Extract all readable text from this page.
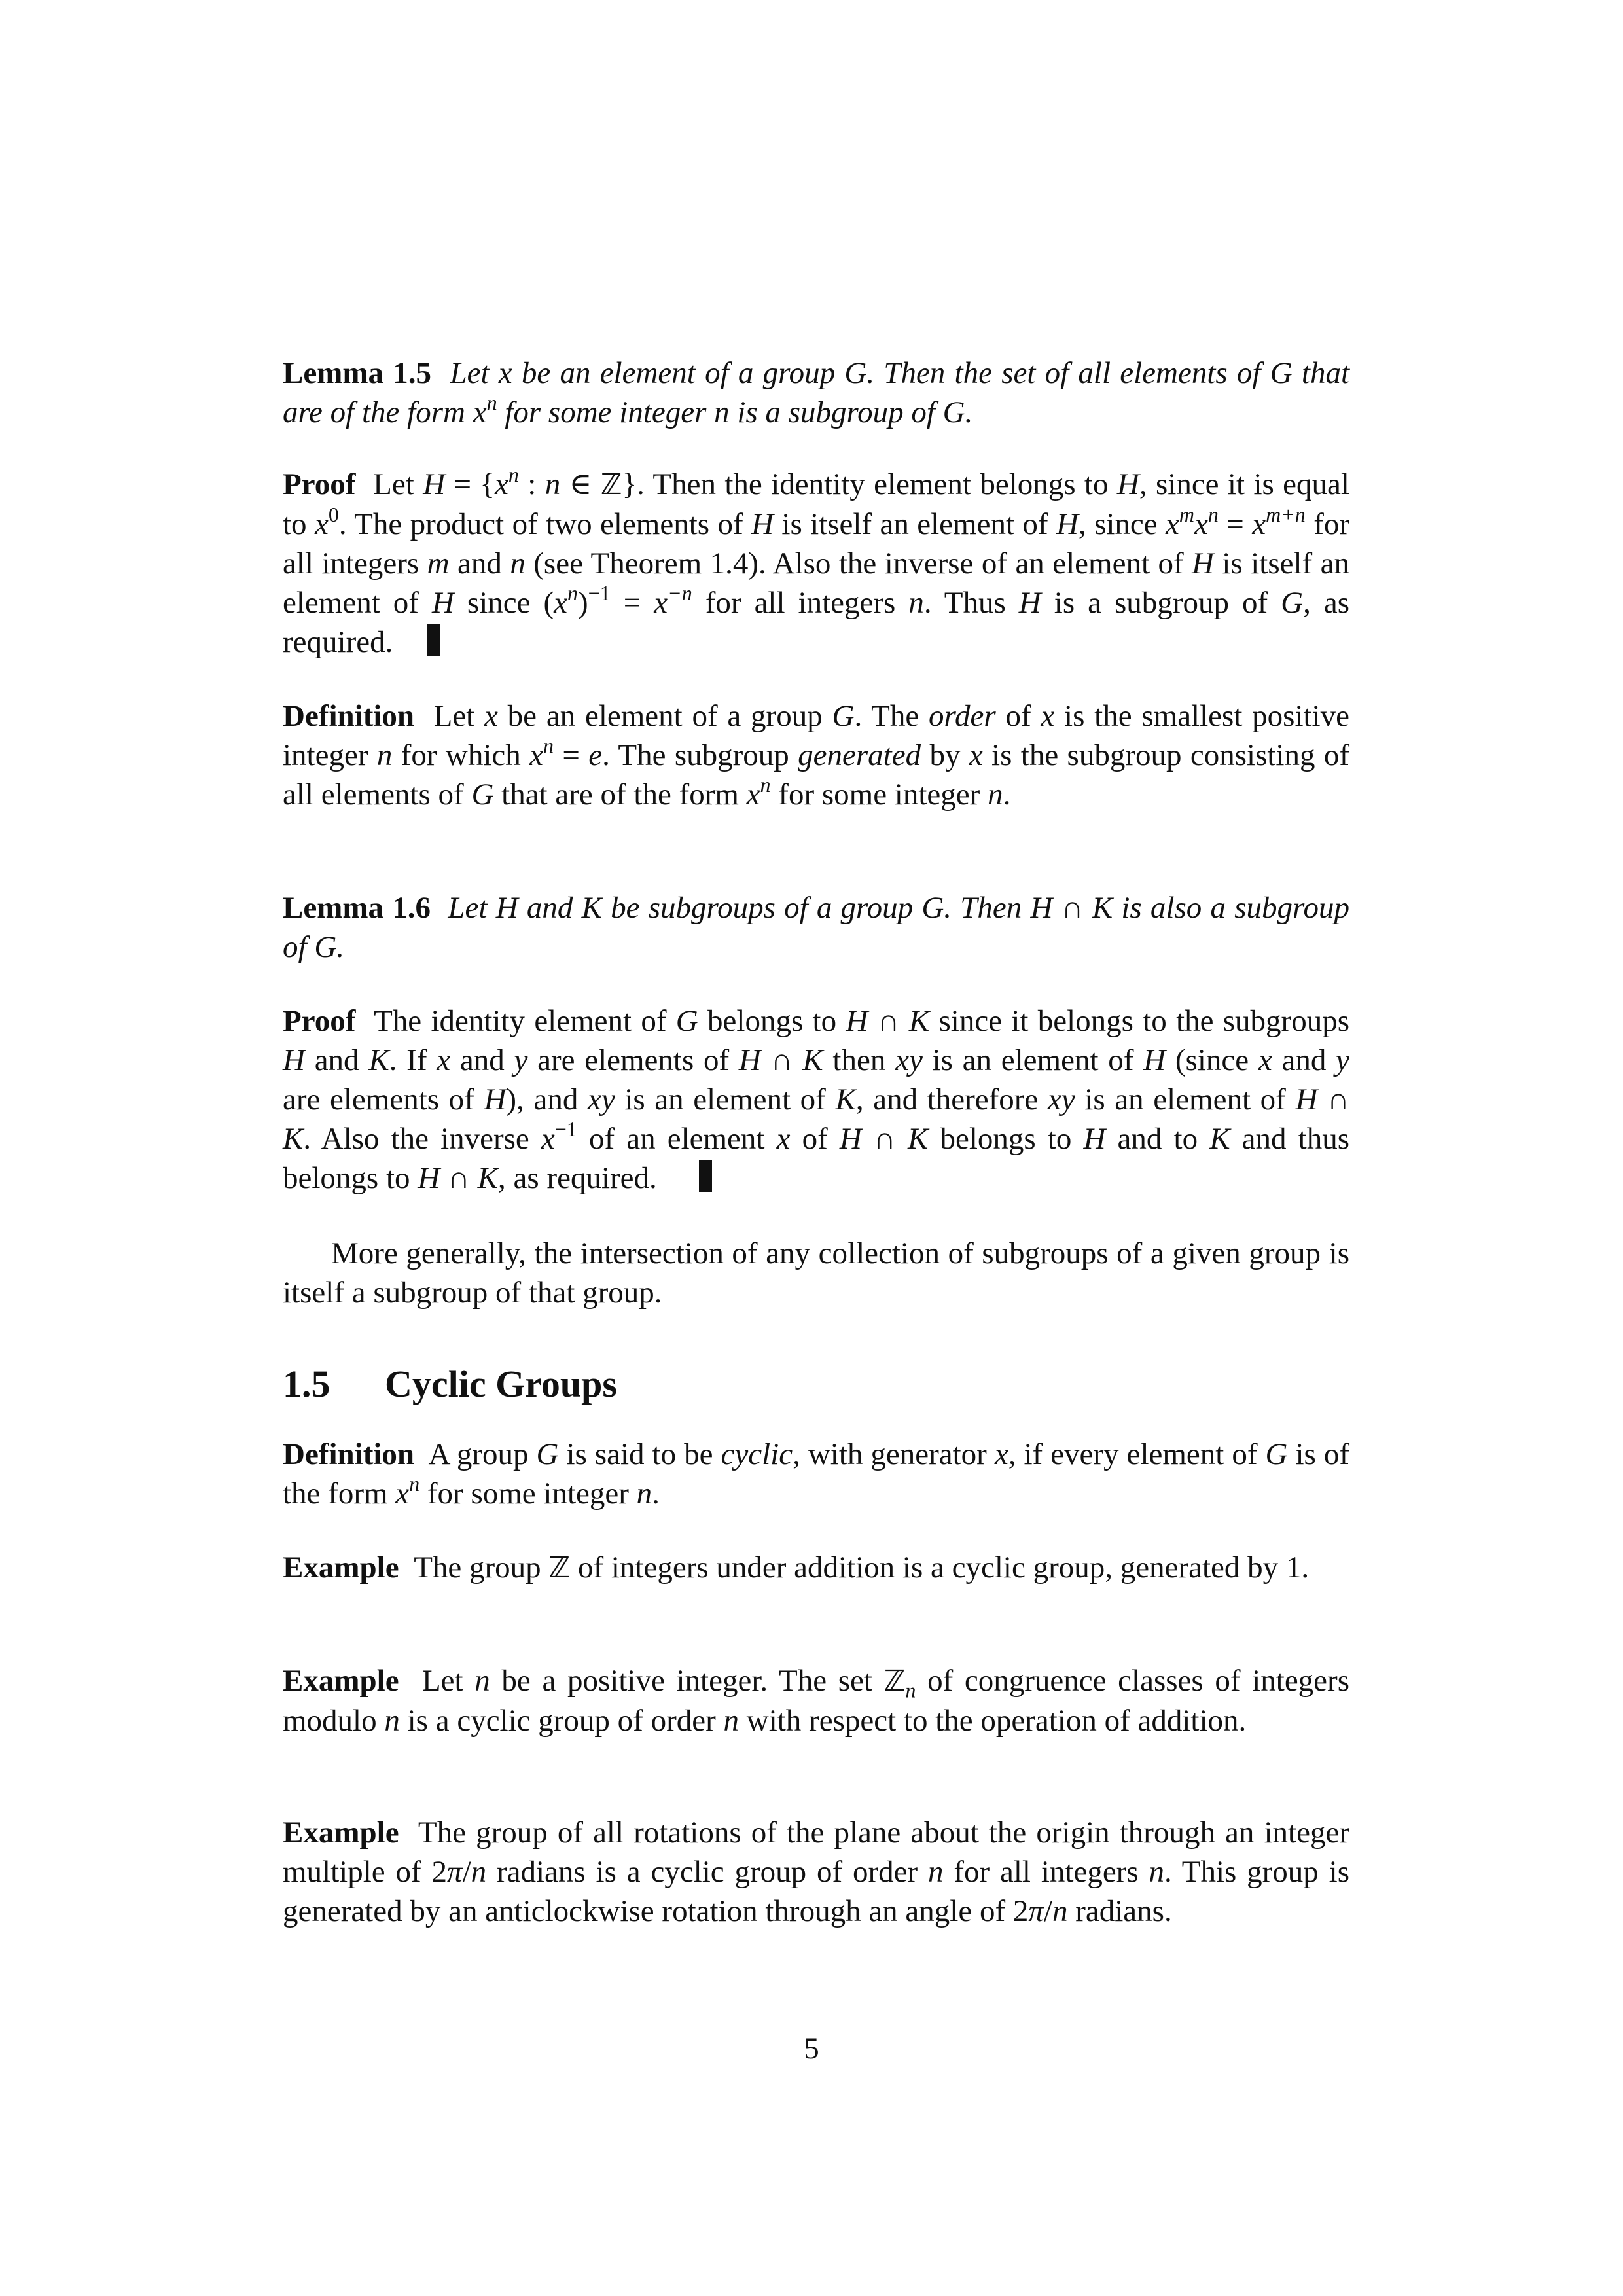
Lemma 1.5 Let x be an element of a group G. Then the set of all elements of G that are of the form $x^n$ for some integer n is a subgroup of G.

Proof  Let $H = \{x^n$ : n ∈ ℤ}. Then the identity element belongs to H, since it is equal to $x^0$. The product of two elements of H is itself an element of H, since $x^mx^n = x^{m+n}$ for all integers m and n (see Theorem 1.4). Also the inverse of an element of H is itself an element of H since $(x^n)^{-1} = x^{-n}$ for all integers n. Thus H is a subgroup of G, as required.

Definition  Let x be an element of a group G. The order of x is the smallest positive integer n for which $x^n = e$. The subgroup generated by x is the subgroup consisting of all elements of G that are of the form $x^n$ for some integer n.

Lemma 1.6 Let H and K be subgroups of a group G. Then H ∩ K is also a subgroup of G.

Proof  The identity element of G belongs to H ∩ K since it belongs to the subgroups H and K. If x and y are elements of H ∩ K then xy is an element of H (since x and y are elements of H), and xy is an element of K, and therefore xy is an element of H ∩ K. Also the inverse $x^{-1}$ of an element x of H ∩ K belongs to H and to K and thus belongs to H ∩ K, as required.

More generally, the intersection of any collection of subgroups of a given group is itself a subgroup of that group.

1.5 Cyclic Groups

Definition  A group G is said to be cyclic, with generator x, if every element of G is of the form $x^n$ for some integer n.

Example  The group ℤ of integers under addition is a cyclic group, generated by 1.

Example  Let n be a positive integer. The set ℤ$_n$ of congruence classes of integers modulo n is a cyclic group of order n with respect to the operation of addition.

Example  The group of all rotations of the plane about the origin through an integer multiple of 2π/n radians is a cyclic group of order n for all integers n. This group is generated by an anticlockwise rotation through an angle of 2π/n radians.

5
